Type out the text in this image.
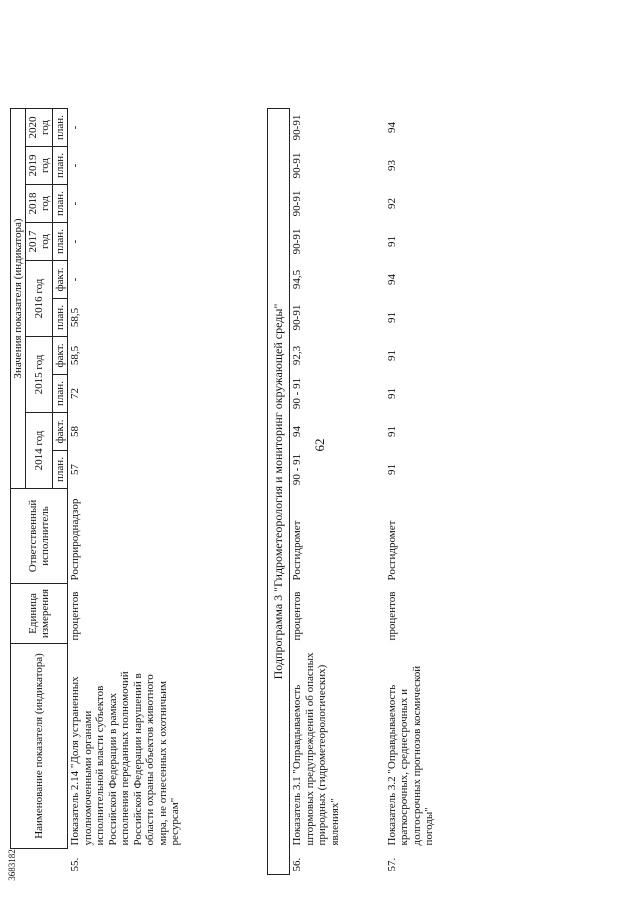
62
3683182
	Наименование показателя (индикатора)	Единица измерения	Ответственный исполнитель	Значения показателя (индикатора)									
				2014 год		2015 год		2016 год		2017 год	2018 год	2019 год	2020 год

				план.	факт.	план.	факт.	план.	факт.	план.	план.	план.	план.
55.	Показатель 2.14 "Доля устраненных уполномоченными органами исполнительной власти субъектов Российской Федерации в рамках исполнения переданных полномочий Российской Федерации нарушений в области охраны объектов животного мира, не отнесенных к охотничьим ресурсам"	процентов	Росприроднадзор	57	58	72	58,5	58,5	-	-	-	-	-
Подпрограмма 3 "Гидрометеорология и мониторинг окружающей среды"													
56.	Показатель 3.1 "Оправдываемость штормовых предупреждений об опасных природных (гидрометеорологических) явлениях"	процентов	Росгидромет	90 - 91	94	90 - 91	92,3	90-91	94,5	90-91	90-91	90-91	90-91
57.	Показатель 3.2 "Оправдываемость краткосрочных, среднесрочных и долгосрочных прогнозов космической погоды"	процентов	Росгидромет	91	91	91	91	91	94	91	92	93	94
